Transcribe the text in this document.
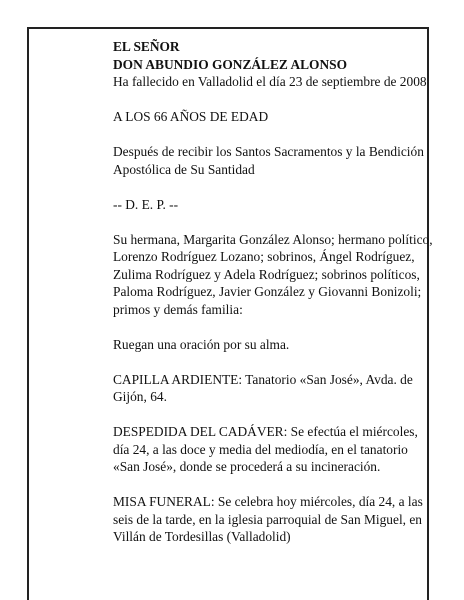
EL SEÑOR

DON ABUNDIO GONZÁLEZ ALONSO

Ha fallecido en Valladolid el día 23 de septiembre de 2008

A LOS 66 AÑOS DE EDAD

Después de recibir los Santos Sacramentos y la Bendición Apostólica de Su Santidad

-- D. E. P. --

Su hermana, Margarita González Alonso; hermano político, Lorenzo Rodríguez Lozano; sobrinos, Ángel Rodríguez, Zulima Rodríguez y Adela Rodríguez; sobrinos políticos, Paloma Rodríguez, Javier González y Giovanni Bonizoli; primos y demás familia:

Ruegan una oración por su alma.

CAPILLA ARDIENTE: Tanatorio «San José», Avda. de Gijón, 64.

DESPEDIDA DEL CADÁVER: Se efectúa el miércoles, día 24, a las doce y media del mediodía, en el tanatorio «San José», donde se procederá a su incineración.

MISA FUNERAL: Se celebra hoy miércoles, día 24, a las seis de la tarde, en la iglesia parroquial de San Miguel, en Villán de Tordesillas (Valladolid)
